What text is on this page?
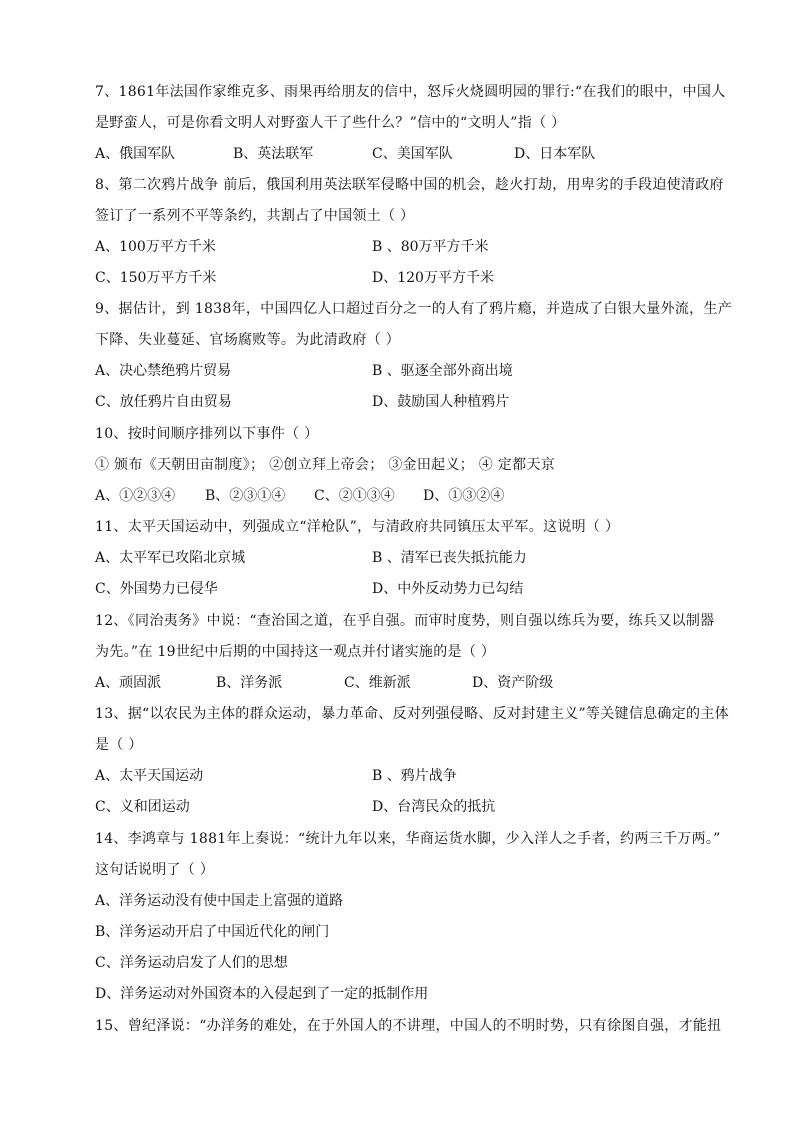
7、1861年法国作家维克多、雨果再给朋友的信中，怒斥火烧圆明园的罪行:“在我们的眼中，中国人
是野蛮人，可是你看文明人对野蛮人干了些什么？”信中的“文明人”指（ ）
A、俄国军队	B、英法联军	C、美国军队	D、日本军队
8、第二次鸦片战争 前后，俄国利用英法联军侵略中国的机会，趁火打劫，用卑劣的手段迫使清政府
签订了一系列不平等条约，共割占了中国领土（ ）
A、100万平方千米	B 、80万平方千米
C、150万平方千米	D、120万平方千米
9、据估计，到 1838年，中国四亿人口超过百分之一的人有了鸦片瘾，并造成了白银大量外流，生产
下降、失业蔓延、官场腐败等。为此清政府（ ）
A、决心禁绝鸦片贸易	B 、驱逐全部外商出境
C、放任鸦片自由贸易	D、鼓励国人种植鸦片
10、按时间顺序排列以下事件（ ）
① 颁布《天朝田亩制度》； ②创立拜上帝会； ③金田起义； ④ 定都天京
A、①②③④ B、②③①④ C、②①③④ D、①③②④
11、太平天国运动中，列强成立“洋枪队”，与清政府共同镇压太平军。这说明（ ）
A、太平军已攻陷北京城	B 、清军已丧失抵抗能力
C、外国势力已侵华	D、中外反动势力已勾结
12、《同治夷务》中说：“查治国之道，在乎自强。而审时度势，则自强以练兵为要，练兵又以制器
为先。”在 19世纪中后期的中国持这一观点并付诸实施的是（ ）
A、顽固派	B、洋务派	C、维新派	D、资产阶级
13、据“以农民为主体的群众运动，暴力革命、反对列强侵略、反对封建主义”等关键信息确定的主体
是（ ）
A、太平天国运动	B 、鸦片战争
C、义和团运动	D、台湾民众的抵抗
14、李鸿章与 1881年上奏说：“统计九年以来，华商运货水脚，少入洋人之手者，约两三千万两。”
这句话说明了（ ）
A、洋务运动没有使中国走上富强的道路
B、洋务运动开启了中国近代化的闸门
C、洋务运动启发了人们的思想
D、洋务运动对外国资本的入侵起到了一定的抵制作用
15、曾纪泽说：“办洋务的难处，在于外国人的不讲理，中国人的不明时势，只有徐图自强，才能扭
